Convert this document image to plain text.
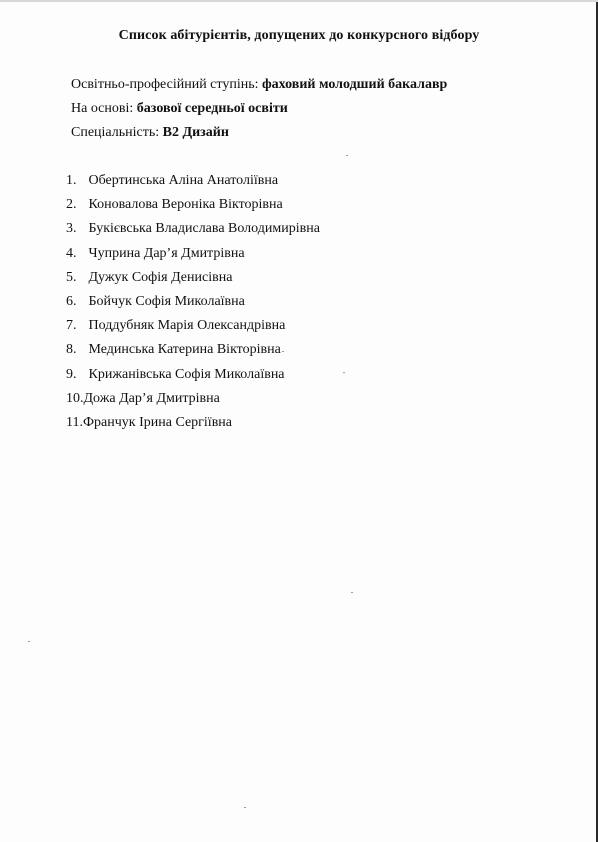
Список абітурієнтів, допущених до конкурсного відбору
Освітньо-професійний ступінь: фаховий молодший бакалавр
На основі: базової середньої освіти
Спеціальність: В2 Дизайн
1. Обертинська Аліна Анатоліївна
2. Коновалова Вероніка Вікторівна
3. Букієвська Владислава Володимирівна
4. Чуприна Дар’я Дмитрівна
5. Дужук Софія Денисівна
6. Бойчук Софія Миколаївна
7. Поддубняк Марія Олександрівна
8. Мединська Катерина Вікторівна
9. Крижанівська Софія Миколаївна
10.Дожа Дар’я Дмитрівна
11.Франчук Ірина Сергіївна
